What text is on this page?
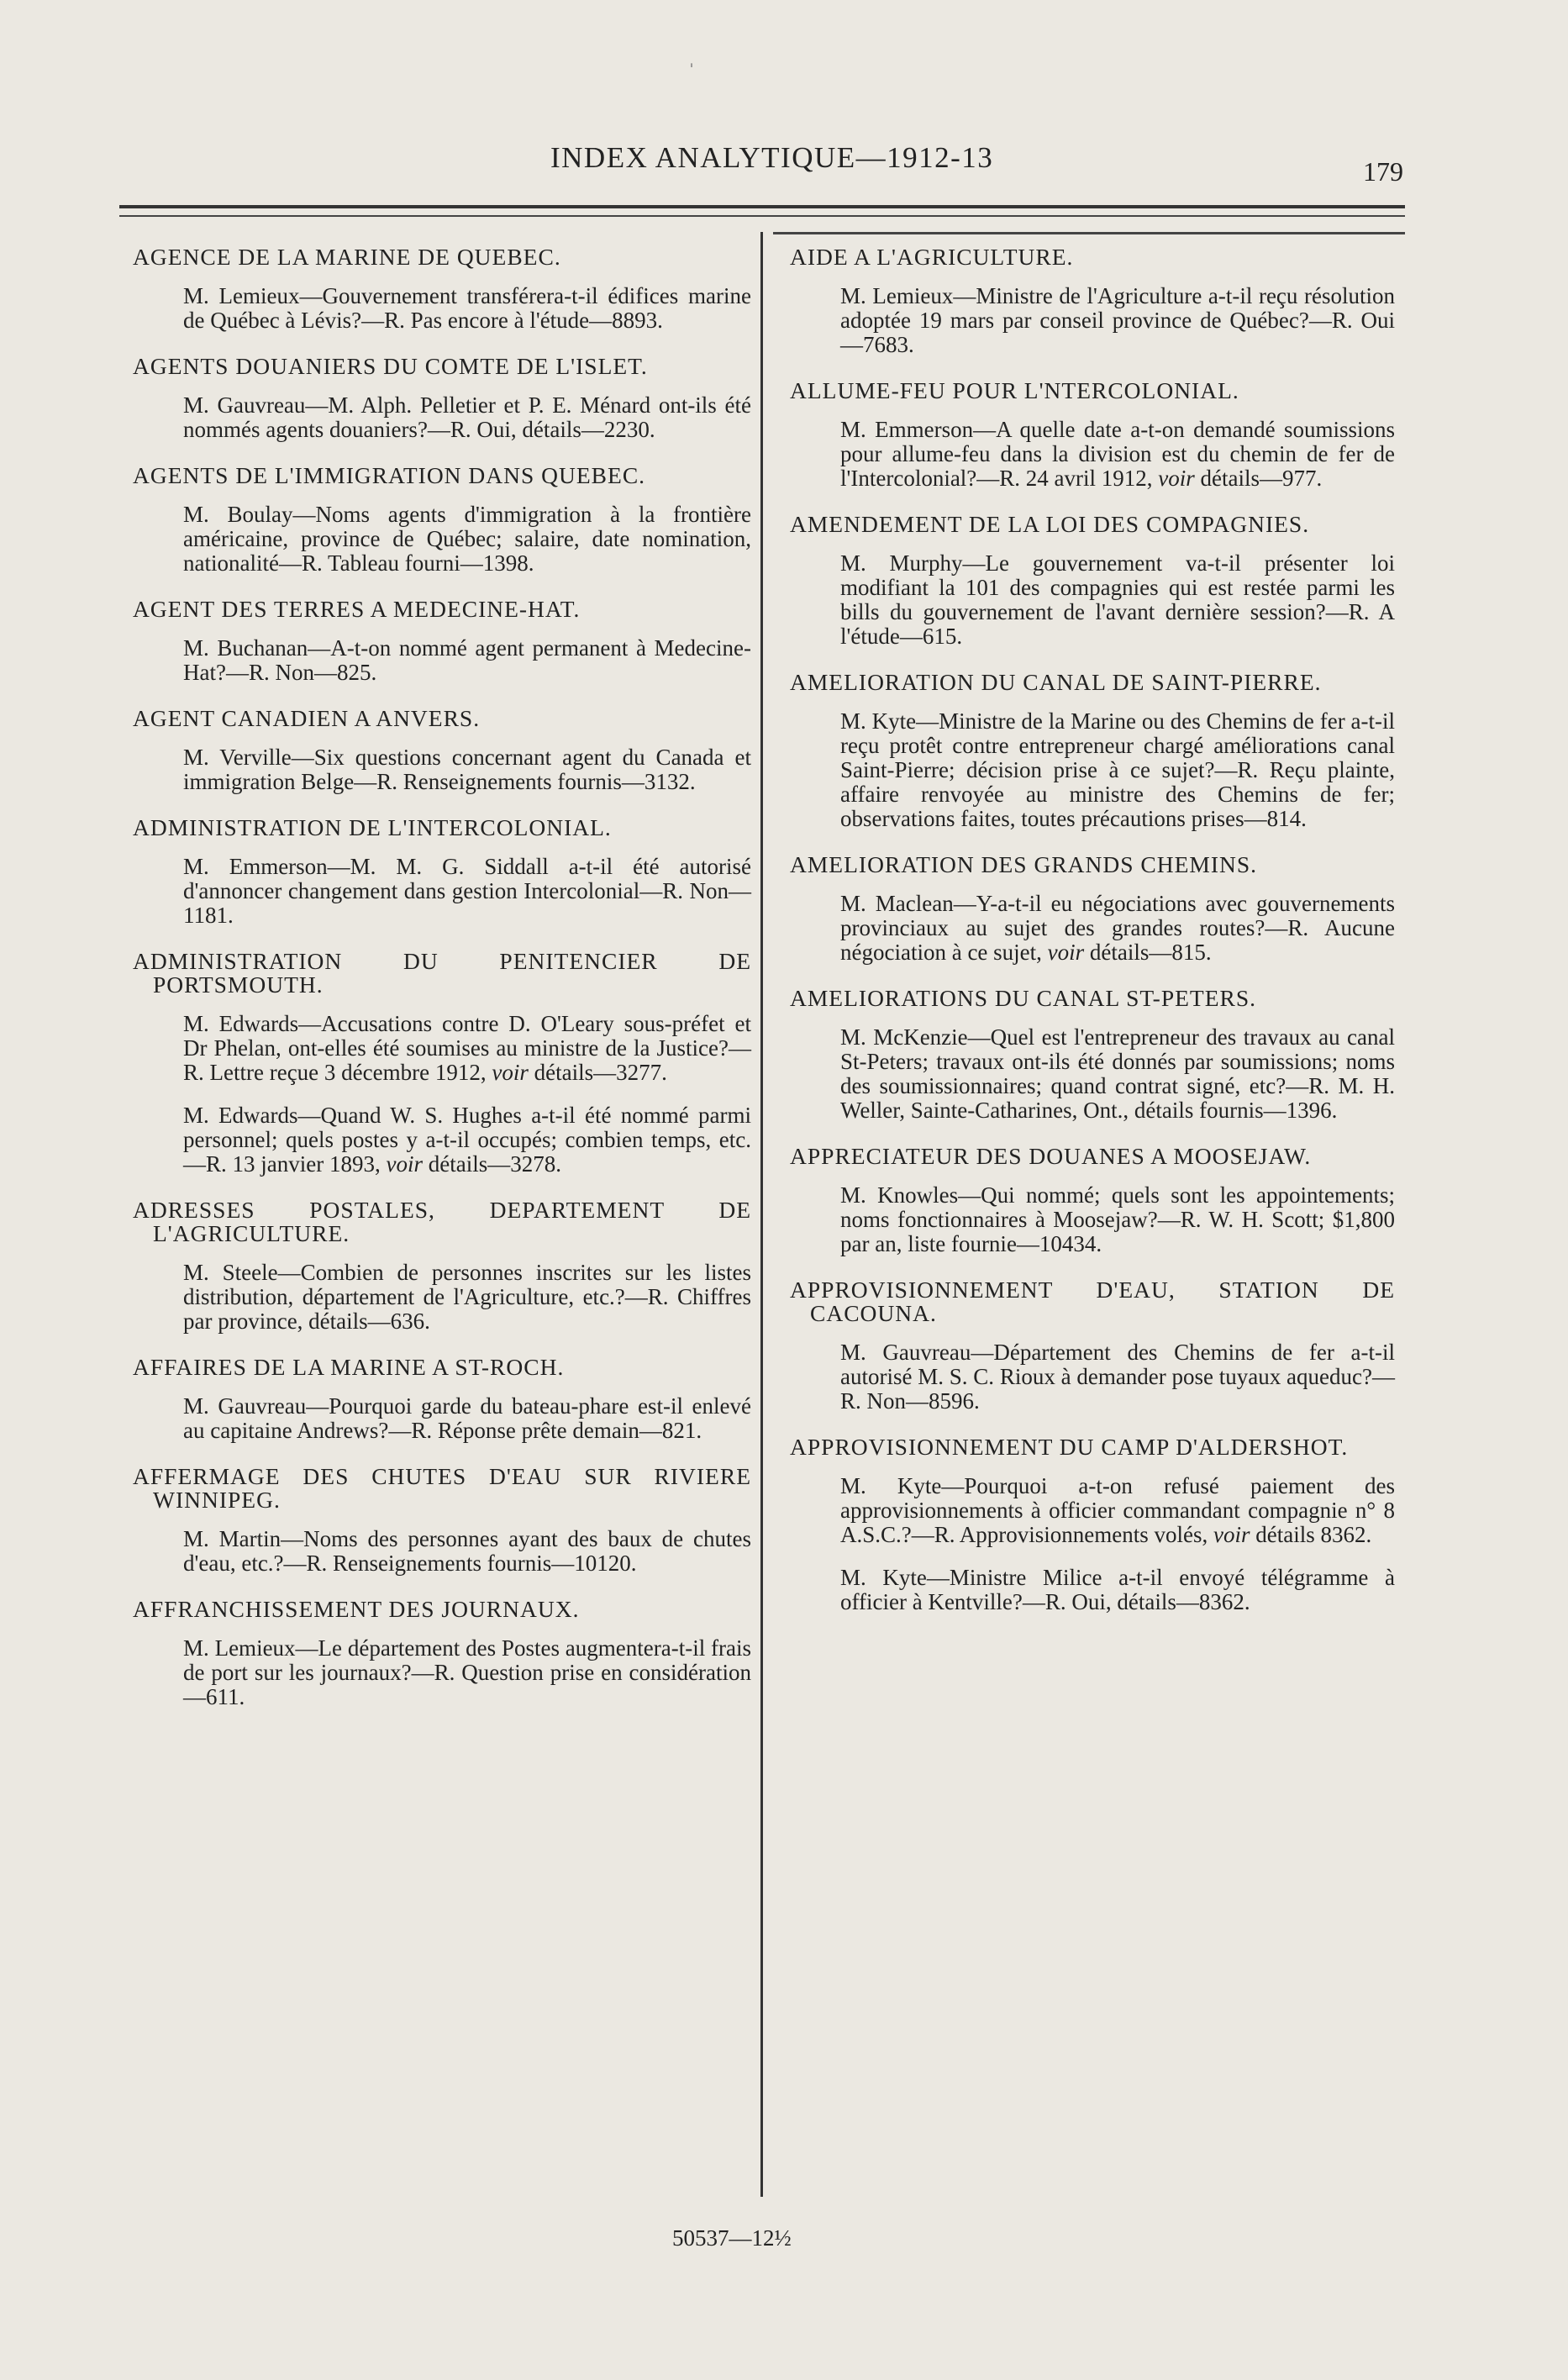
ˈ
INDEX ANALYTIQUE—1912-13	179

AGENCE DE LA MARINE DE QUEBEC.

M. Lemieux—Gouvernement transférera-t-il édifices marine de Québec à Lévis?—R. Pas encore à l'étude—8893.

AGENTS DOUANIERS DU COMTE DE L'ISLET.

M. Gauvreau—M. Alph. Pelletier et P. E. Ménard ont-ils été nommés agents douaniers?—R. Oui, détails—2230.

AGENTS DE L'IMMIGRATION DANS QUEBEC.

M. Boulay—Noms agents d'immigration à la frontière américaine, province de Québec; salaire, date nomination, nationalité—R. Tableau fourni—1398.

AGENT DES TERRES A MEDECINE-HAT.

M. Buchanan—A-t-on nommé agent permanent à Medecine-Hat?—R. Non—825.

AGENT CANADIEN A ANVERS.

M. Verville—Six questions concernant agent du Canada et immigration Belge—R. Renseignements fournis—3132.

ADMINISTRATION DE L'INTERCOLONIAL.

M. Emmerson—M. M. G. Siddall a-t-il été autorisé d'annoncer changement dans gestion Intercolonial—R. Non—1181.

ADMINISTRATION DU PENITENCIER DE PORTSMOUTH.

M. Edwards—Accusations contre D. O'Leary sous-préfet et Dr Phelan, ont-elles été soumises au ministre de la Justice?—R. Lettre reçue 3 décembre 1912, voir détails—3277.

M. Edwards—Quand W. S. Hughes a-t-il été nommé parmi personnel; quels postes y a-t-il occupés; combien temps, etc.—R. 13 janvier 1893, voir détails—3278.

ADRESSES POSTALES, DEPARTEMENT DE L'AGRICULTURE.

M. Steele—Combien de personnes inscrites sur les listes distribution, département de l'Agriculture, etc.?—R. Chiffres par province, détails—636.

AFFAIRES DE LA MARINE A ST-ROCH.

M. Gauvreau—Pourquoi garde du bateau-phare est-il enlevé au capitaine Andrews?—R. Réponse prête demain—821.

AFFERMAGE DES CHUTES D'EAU SUR RIVIERE WINNIPEG.

M. Martin—Noms des personnes ayant des baux de chutes d'eau, etc.?—R. Renseignements fournis—10120.

AFFRANCHISSEMENT DES JOURNAUX.

M. Lemieux—Le département des Postes augmentera-t-il frais de port sur les journaux?—R. Question prise en considération—611.

AIDE A L'AGRICULTURE.

M. Lemieux—Ministre de l'Agriculture a-t-il reçu résolution adoptée 19 mars par conseil province de Québec?—R. Oui—7683.

ALLUME-FEU POUR L'NTERCOLONIAL.

M. Emmerson—A quelle date a-t-on demandé soumissions pour allume-feu dans la division est du chemin de fer de l'Intercolonial?—R. 24 avril 1912, voir détails—977.

AMENDEMENT DE LA LOI DES COMPAGNIES.

M. Murphy—Le gouvernement va-t-il présenter loi modifiant la 101 des compagnies qui est restée parmi les bills du gouvernement de l'avant dernière session?—R. A l'étude—615.

AMELIORATION DU CANAL DE SAINT-PIERRE.

M. Kyte—Ministre de la Marine ou des Chemins de fer a-t-il reçu protêt contre entrepreneur chargé améliorations canal Saint-Pierre; décision prise à ce sujet?—R. Reçu plainte, affaire renvoyée au ministre des Chemins de fer; observations faites, toutes précautions prises—814.

AMELIORATION DES GRANDS CHEMINS.

M. Maclean—Y-a-t-il eu négociations avec gouvernements provinciaux au sujet des grandes routes?—R. Aucune négociation à ce sujet, voir détails—815.

AMELIORATIONS DU CANAL ST-PETERS.

M. McKenzie—Quel est l'entrepreneur des travaux au canal St-Peters; travaux ont-ils été donnés par soumissions; noms des soumissionnaires; quand contrat signé, etc?—R. M. H. Weller, Sainte-Catharines, Ont., détails fournis—1396.

APPRECIATEUR DES DOUANES A MOOSEJAW.

M. Knowles—Qui nommé; quels sont les appointements; noms fonctionnaires à Moosejaw?—R. W. H. Scott; $1,800 par an, liste fournie—10434.

APPROVISIONNEMENT D'EAU, STATION DE CACOUNA.

M. Gauvreau—Département des Chemins de fer a-t-il autorisé M. S. C. Rioux à demander pose tuyaux aqueduc?—R. Non—8596.

APPROVISIONNEMENT DU CAMP D'ALDERSHOT.

M. Kyte—Pourquoi a-t-on refusé paiement des approvisionnements à officier commandant compagnie n° 8 A.S.C.?—R. Approvisionnements volés, voir détails 8362.

M. Kyte—Ministre Milice a-t-il envoyé télégramme à officier à Kentville?—R. Oui, détails—8362.

50537—12½
